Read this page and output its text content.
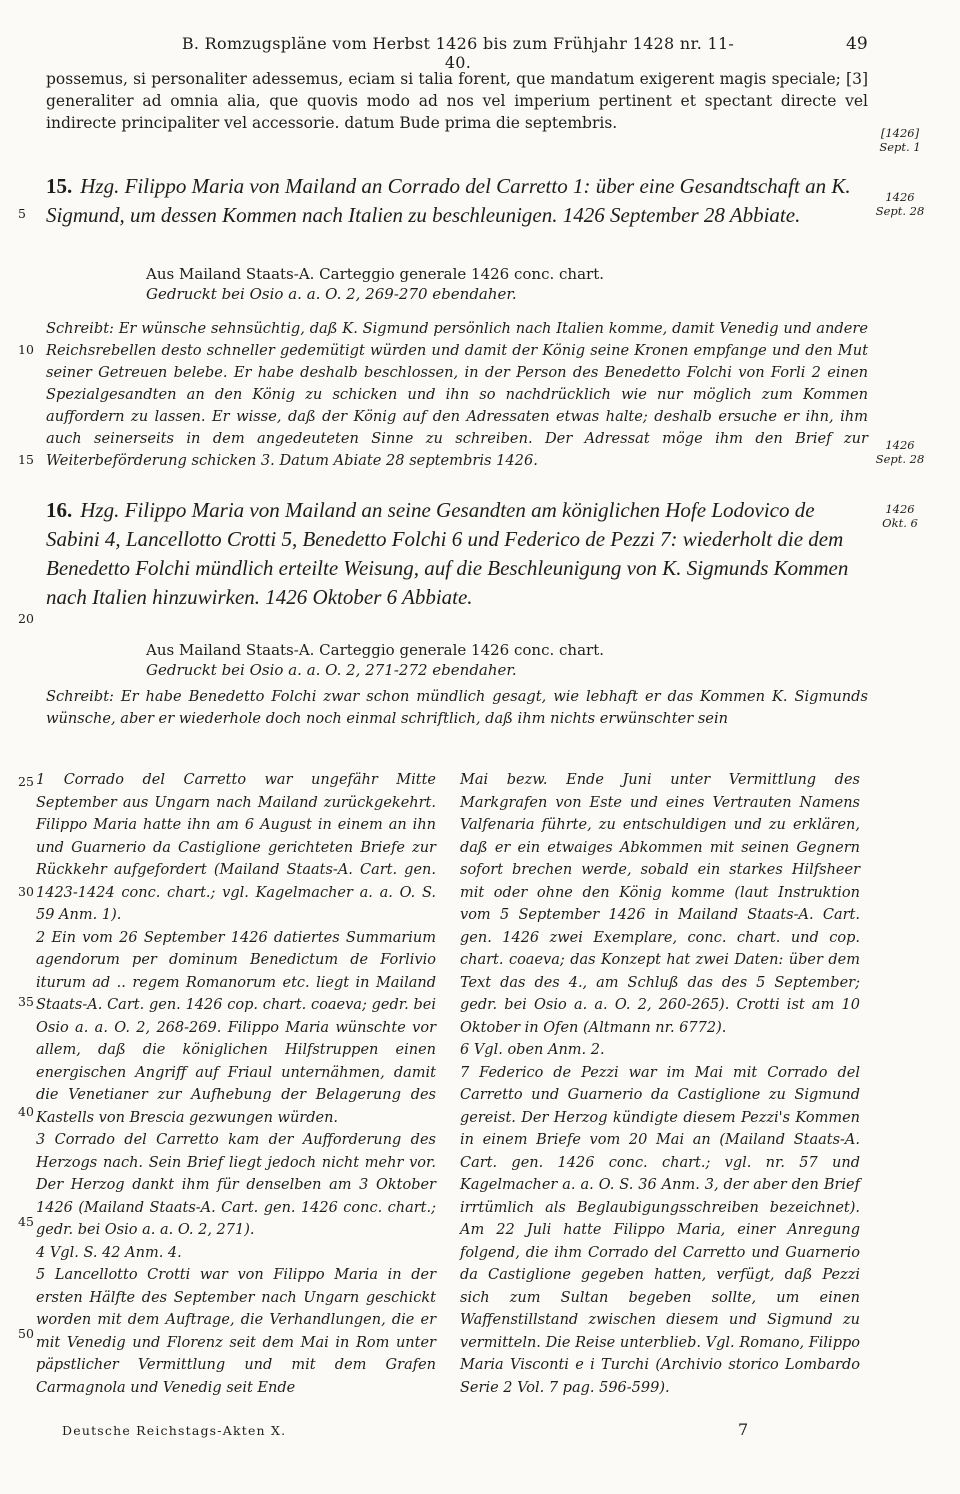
B. Romzugspläne vom Herbst 1426 bis zum Frühjahr 1428 nr. 11-40.
49

possemus, si personaliter adessemus, eciam si talia forent, que mandatum exigerent magis speciale; [3] generaliter ad omnia alia, que quovis modo ad nos vel imperium pertinent et spectant directe vel indirecte principaliter vel accessorie. datum Bude prima die septembris.

[1426]
Sept. 1
15. Hzg. Filippo Maria von Mailand an Corrado del Carretto 1: über eine Gesandtschaft an K. Sigmund, um dessen Kommen nach Italien zu beschleunigen. 1426 September 28 Abbiate.
1426
Sept. 28

Aus Mailand Staats-A. Carteggio generale 1426 conc. chart.

Gedruckt bei Osio a. a. O. 2, 269-270 ebendaher.

Schreibt: Er wünsche sehnsüchtig, daß K. Sigmund persönlich nach Italien komme, damit Venedig und andere Reichsrebellen desto schneller gedemütigt würden und damit der König seine Kronen empfange und den Mut seiner Getreuen belebe. Er habe deshalb beschlossen, in der Person des Benedetto Folchi von Forli 2 einen Spezialgesandten an den König zu schicken und ihn so nachdrücklich wie nur möglich zum Kommen auffordern zu lassen. Er wisse, daß der König auf den Adressaten etwas halte; deshalb ersuche er ihn, ihm auch seinerseits in dem angedeuteten Sinne zu schreiben. Der Adressat möge ihm den Brief zur Weiterbeförderung schicken 3. Datum Abiate 28 septembris 1426.

1426
Sept. 28
16. Hzg. Filippo Maria von Mailand an seine Gesandten am königlichen Hofe Lodovico de Sabini 4, Lancellotto Crotti 5, Benedetto Folchi 6 und Federico de Pezzi 7: wiederholt die dem Benedetto Folchi mündlich erteilte Weisung, auf die Beschleunigung von K. Sigmunds Kommen nach Italien hinzuwirken. 1426 Oktober 6 Abbiate.
1426
Okt. 6

Aus Mailand Staats-A. Carteggio generale 1426 conc. chart.

Gedruckt bei Osio a. a. O. 2, 271-272 ebendaher.

Schreibt: Er habe Benedetto Folchi zwar schon mündlich gesagt, wie lebhaft er das Kommen K. Sigmunds wünsche, aber er wiederhole doch noch einmal schriftlich, daß ihm nichts erwünschter sein

5
10
15
20
25
30
35
40
45
50

1 Corrado del Carretto war ungefähr Mitte September aus Ungarn nach Mailand zurückgekehrt. Filippo Maria hatte ihn am 6 August in einem an ihn und Guarnerio da Castiglione gerichteten Briefe zur Rückkehr aufgefordert (Mailand Staats-A. Cart. gen. 1423-1424 conc. chart.; vgl. Kagelmacher a. a. O. S. 59 Anm. 1).

2 Ein vom 26 September 1426 datiertes Summarium agendorum per dominum Benedictum de Forlivio iturum ad .. regem Romanorum etc. liegt in Mailand Staats-A. Cart. gen. 1426 cop. chart. coaeva; gedr. bei Osio a. a. O. 2, 268-269. Filippo Maria wünschte vor allem, daß die königlichen Hilfstruppen einen energischen Angriff auf Friaul unternähmen, damit die Venetianer zur Aufhebung der Belagerung des Kastells von Brescia gezwungen würden.

3 Corrado del Carretto kam der Aufforderung des Herzogs nach. Sein Brief liegt jedoch nicht mehr vor. Der Herzog dankt ihm für denselben am 3 Oktober 1426 (Mailand Staats-A. Cart. gen. 1426 conc. chart.; gedr. bei Osio a. a. O. 2, 271).

4 Vgl. S. 42 Anm. 4.

5 Lancellotto Crotti war von Filippo Maria in der ersten Hälfte des September nach Ungarn geschickt worden mit dem Auftrage, die Verhandlungen, die er mit Venedig und Florenz seit dem Mai in Rom unter päpstlicher Vermittlung und mit dem Grafen Carmagnola und Venedig seit Ende

Mai bezw. Ende Juni unter Vermittlung des Markgrafen von Este und eines Vertrauten Namens Valfenaria führte, zu entschuldigen und zu erklären, daß er ein etwaiges Abkommen mit seinen Gegnern sofort brechen werde, sobald ein starkes Hilfsheer mit oder ohne den König komme (laut Instruktion vom 5 September 1426 in Mailand Staats-A. Cart. gen. 1426 zwei Exemplare, conc. chart. und cop. chart. coaeva; das Konzept hat zwei Daten: über dem Text das des 4., am Schluß das des 5 September; gedr. bei Osio a. a. O. 2, 260-265). Crotti ist am 10 Oktober in Ofen (Altmann nr. 6772).

6 Vgl. oben Anm. 2.

7 Federico de Pezzi war im Mai mit Corrado del Carretto und Guarnerio da Castiglione zu Sigmund gereist. Der Herzog kündigte diesem Pezzi's Kommen in einem Briefe vom 20 Mai an (Mailand Staats-A. Cart. gen. 1426 conc. chart.; vgl. nr. 57 und Kagelmacher a. a. O. S. 36 Anm. 3, der aber den Brief irrtümlich als Beglaubigungsschreiben bezeichnet). Am 22 Juli hatte Filippo Maria, einer Anregung folgend, die ihm Corrado del Carretto und Guarnerio da Castiglione gegeben hatten, verfügt, daß Pezzi sich zum Sultan begeben sollte, um einen Waffenstillstand zwischen diesem und Sigmund zu vermitteln. Die Reise unterblieb. Vgl. Romano, Filippo Maria Visconti e i Turchi (Archivio storico Lombardo Serie 2 Vol. 7 pag. 596-599).

Deutsche Reichstags-Akten X.	7
